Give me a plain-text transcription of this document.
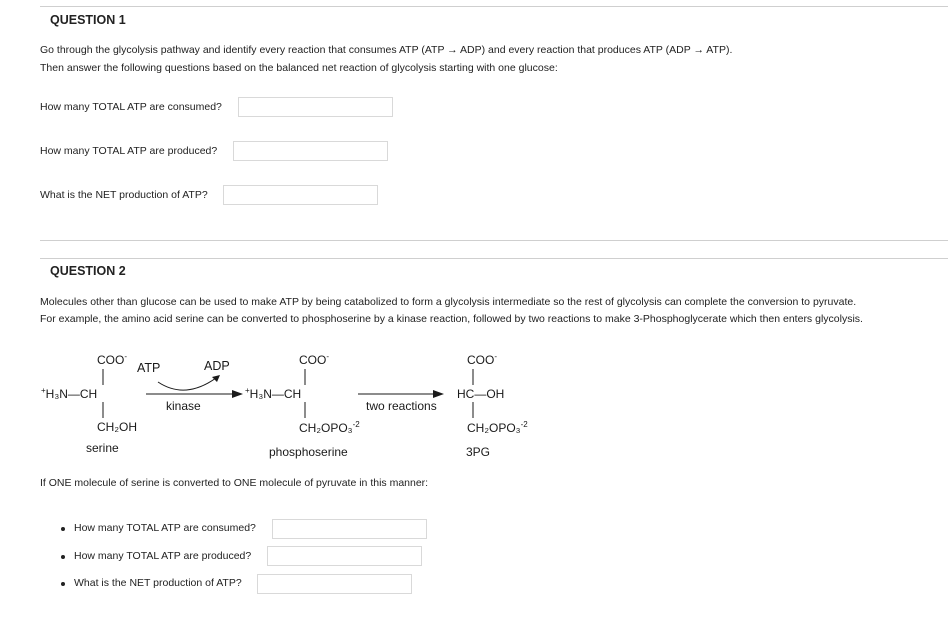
QUESTION 1
Go through the glycolysis pathway and identify every reaction that consumes ATP (ATP → ADP) and every reaction that produces ATP (ADP → ATP).
Then answer the following questions based on the balanced net reaction of glycolysis starting with one glucose:
How many TOTAL ATP are consumed?
How many TOTAL ATP are produced?
What is the NET production of ATP?
QUESTION 2
Molecules other than glucose can be used to make ATP by being catabolized to form a glycolysis intermediate so the rest of glycolysis can complete the conversion to pyruvate.
For example, the amino acid serine can be converted to phosphoserine by a kinase reaction, followed by two reactions to make 3-Phosphoglycerate which then enters glycolysis.
COO-
+H₃N—CH
CH₂OH
serine
ATP	ADP
kinase
COO-
+H₃N—CH
CH₂OPO₃$^{-2}$
phosphoserine
two reactions
COO-
HC—OH
CH₂OPO₃$^{-2}$
3PG
If ONE molecule of serine is converted to ONE molecule of pyruvate in this manner:
How many TOTAL ATP are consumed?
How many TOTAL ATP are produced?
What is the NET production of ATP?
